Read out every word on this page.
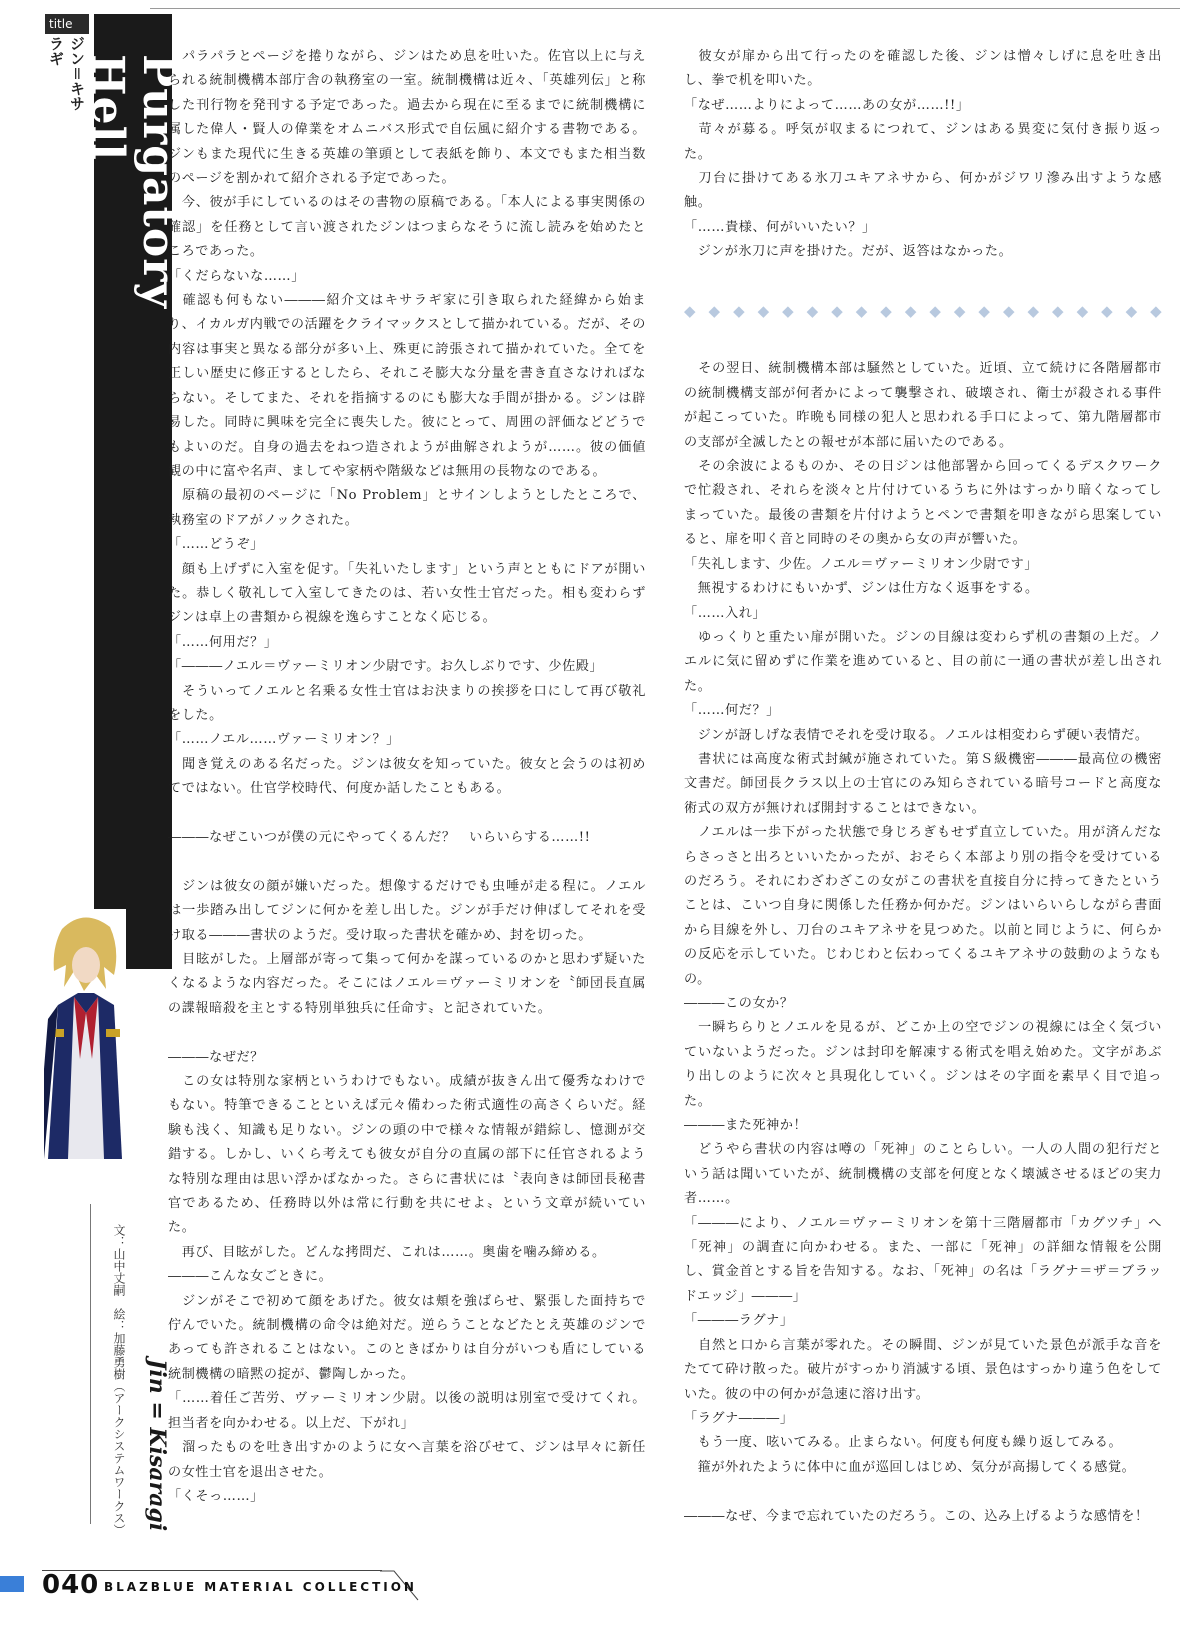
title
ジン＝キサラギ
Purgatory Hell
文：山中丈嗣　絵：加藤勇樹（アークシステムワークス） Jin = Kisaragi

　パラパラとページを捲りながら、ジンはため息を吐いた。佐官以上に与えられる統制機構本部庁舎の執務室の一室。統制機構は近々、「英雄列伝」と称した刊行物を発刊する予定であった。過去から現在に至るまでに統制機構に属した偉人・賢人の偉業をオムニバス形式で自伝風に紹介する書物である。ジンもまた現代に生きる英雄の筆頭として表紙を飾り、本文でもまた相当数のページを割かれて紹介される予定であった。

　今、彼が手にしているのはその書物の原稿である。「本人による事実関係の確認」を任務として言い渡されたジンはつまらなそうに流し読みを始めたところであった。

「くだらないな……」

　確認も何もない―――紹介文はキサラギ家に引き取られた経緯から始まり、イカルガ内戦での活躍をクライマックスとして描かれている。だが、その内容は事実と異なる部分が多い上、殊更に誇張されて描かれていた。全てを正しい歴史に修正するとしたら、それこそ膨大な分量を書き直さなければならない。そしてまた、それを指摘するのにも膨大な手間が掛かる。ジンは辟易した。同時に興味を完全に喪失した。彼にとって、周囲の評価などどうでもよいのだ。自身の過去をねつ造されようが曲解されようが……。彼の価値観の中に富や名声、ましてや家柄や階級などは無用の長物なのである。

　原稿の最初のページに「No Problem」とサインしようとしたところで、執務室のドアがノックされた。

「……どうぞ」

　顔も上げずに入室を促す。「失礼いたします」という声とともにドアが開いた。恭しく敬礼して入室してきたのは、若い女性士官だった。相も変わらずジンは卓上の書類から視線を逸らすことなく応じる。

「……何用だ？」

「―――ノエル＝ヴァーミリオン少尉です。お久しぶりです、少佐殿」

　そういってノエルと名乗る女性士官はお決まりの挨拶を口にして再び敬礼をした。

「……ノエル……ヴァーミリオン？」

　聞き覚えのある名だった。ジンは彼女を知っていた。彼女と会うのは初めてではない。仕官学校時代、何度か話したこともある。

―――なぜこいつが僕の元にやってくるんだ？　いらいらする……!!

　ジンは彼女の顔が嫌いだった。想像するだけでも虫唾が走る程に。ノエルは一歩踏み出してジンに何かを差し出した。ジンが手だけ伸ばしてそれを受け取る―――書状のようだ。受け取った書状を確かめ、封を切った。

　目眩がした。上層部が寄って集って何かを謀っているのかと思わず疑いたくなるような内容だった。そこにはノエル＝ヴァーミリオンを〝師団長直属の諜報暗殺を主とする特別単独兵に任命す〟と記されていた。

―――なぜだ？

　この女は特別な家柄というわけでもない。成績が抜きん出て優秀なわけでもない。特筆できることといえば元々備わった術式適性の高さくらいだ。経験も浅く、知識も足りない。ジンの頭の中で様々な情報が錯綜し、憶測が交錯する。しかし、いくら考えても彼女が自分の直属の部下に任官されるような特別な理由は思い浮かばなかった。さらに書状には〝表向きは師団長秘書官であるため、任務時以外は常に行動を共にせよ〟という文章が続いていた。

　再び、目眩がした。どんな拷問だ、これは……。奥歯を噛み締める。

―――こんな女ごときに。

　ジンがそこで初めて顔をあげた。彼女は頬を強ばらせ、緊張した面持ちで佇んでいた。統制機構の命令は絶対だ。逆らうことなどたとえ英雄のジンであっても許されることはない。このときばかりは自分がいつも盾にしている統制機構の暗黙の掟が、鬱陶しかった。

「……着任ご苦労、ヴァーミリオン少尉。以後の説明は別室で受けてくれ。担当者を向かわせる。以上だ、下がれ」

　溜ったものを吐き出すかのように女へ言葉を浴びせて、ジンは早々に新任の女性士官を退出させた。

「くそっ……」

　彼女が扉から出て行ったのを確認した後、ジンは憎々しげに息を吐き出し、拳で机を叩いた。

「なぜ……よりによって……あの女が……!!」

　苛々が募る。呼気が収まるにつれて、ジンはある異変に気付き振り返った。

　刀台に掛けてある氷刀ユキアネサから、何かがジワリ滲み出すような感触。

「……貴様、何がいいたい？」

　ジンが氷刀に声を掛けた。だが、返答はなかった。

◆◆◆◆◆◆◆◆◆◆◆◆◆◆◆◆◆◆◆◆

　その翌日、統制機構本部は騒然としていた。近頃、立て続けに各階層都市の統制機構支部が何者かによって襲撃され、破壊され、衛士が殺される事件が起こっていた。昨晩も同様の犯人と思われる手口によって、第九階層都市の支部が全滅したとの報せが本部に届いたのである。

　その余波によるものか、その日ジンは他部署から回ってくるデスクワークで忙殺され、それらを淡々と片付けているうちに外はすっかり暗くなってしまっていた。最後の書類を片付けようとペンで書類を叩きながら思案していると、扉を叩く音と同時のその奥から女の声が響いた。

「失礼します、少佐。ノエル＝ヴァーミリオン少尉です」

　無視するわけにもいかず、ジンは仕方なく返事をする。

「……入れ」

　ゆっくりと重たい扉が開いた。ジンの目線は変わらず机の書類の上だ。ノエルに気に留めずに作業を進めていると、目の前に一通の書状が差し出された。

「……何だ？」

　ジンが訝しげな表情でそれを受け取る。ノエルは相変わらず硬い表情だ。

　書状には高度な術式封緘が施されていた。第Ｓ級機密―――最高位の機密文書だ。師団長クラス以上の士官にのみ知らされている暗号コードと高度な術式の双方が無ければ開封することはできない。

　ノエルは一歩下がった状態で身じろぎもせず直立していた。用が済んだならさっさと出ろといいたかったが、おそらく本部より別の指令を受けているのだろう。それにわざわざこの女がこの書状を直接自分に持ってきたということは、こいつ自身に関係した任務か何かだ。ジンはいらいらしながら書面から目線を外し、刀台のユキアネサを見つめた。以前と同じように、何らかの反応を示していた。じわじわと伝わってくるユキアネサの鼓動のようなもの。

―――この女か？

　一瞬ちらりとノエルを見るが、どこか上の空でジンの視線には全く気づいていないようだった。ジンは封印を解凍する術式を唱え始めた。文字があぶり出しのように次々と具現化していく。ジンはその字面を素早く目で追った。

―――また死神か！

　どうやら書状の内容は噂の「死神」のことらしい。一人の人間の犯行だという話は聞いていたが、統制機構の支部を何度となく壊滅させるほどの実力者……。

「―――により、ノエル＝ヴァーミリオンを第十三階層都市「カグツチ」へ「死神」の調査に向かわせる。また、一部に「死神」の詳細な情報を公開し、賞金首とする旨を告知する。なお、「死神」の名は「ラグナ＝ザ＝ブラッドエッジ」―――」

「―――ラグナ」

　自然と口から言葉が零れた。その瞬間、ジンが見ていた景色が派手な音をたてて砕け散った。破片がすっかり消滅する頃、景色はすっかり違う色をしていた。彼の中の何かが急速に溶け出す。

「ラグナ―――」

　もう一度、呟いてみる。止まらない。何度も何度も繰り返してみる。

　箍が外れたように体中に血が巡回しはじめ、気分が高揚してくる感覚。

―――なぜ、今まで忘れていたのだろう。この、込み上げるような感情を！

040 BLAZBLUE MATERIAL COLLECTION
